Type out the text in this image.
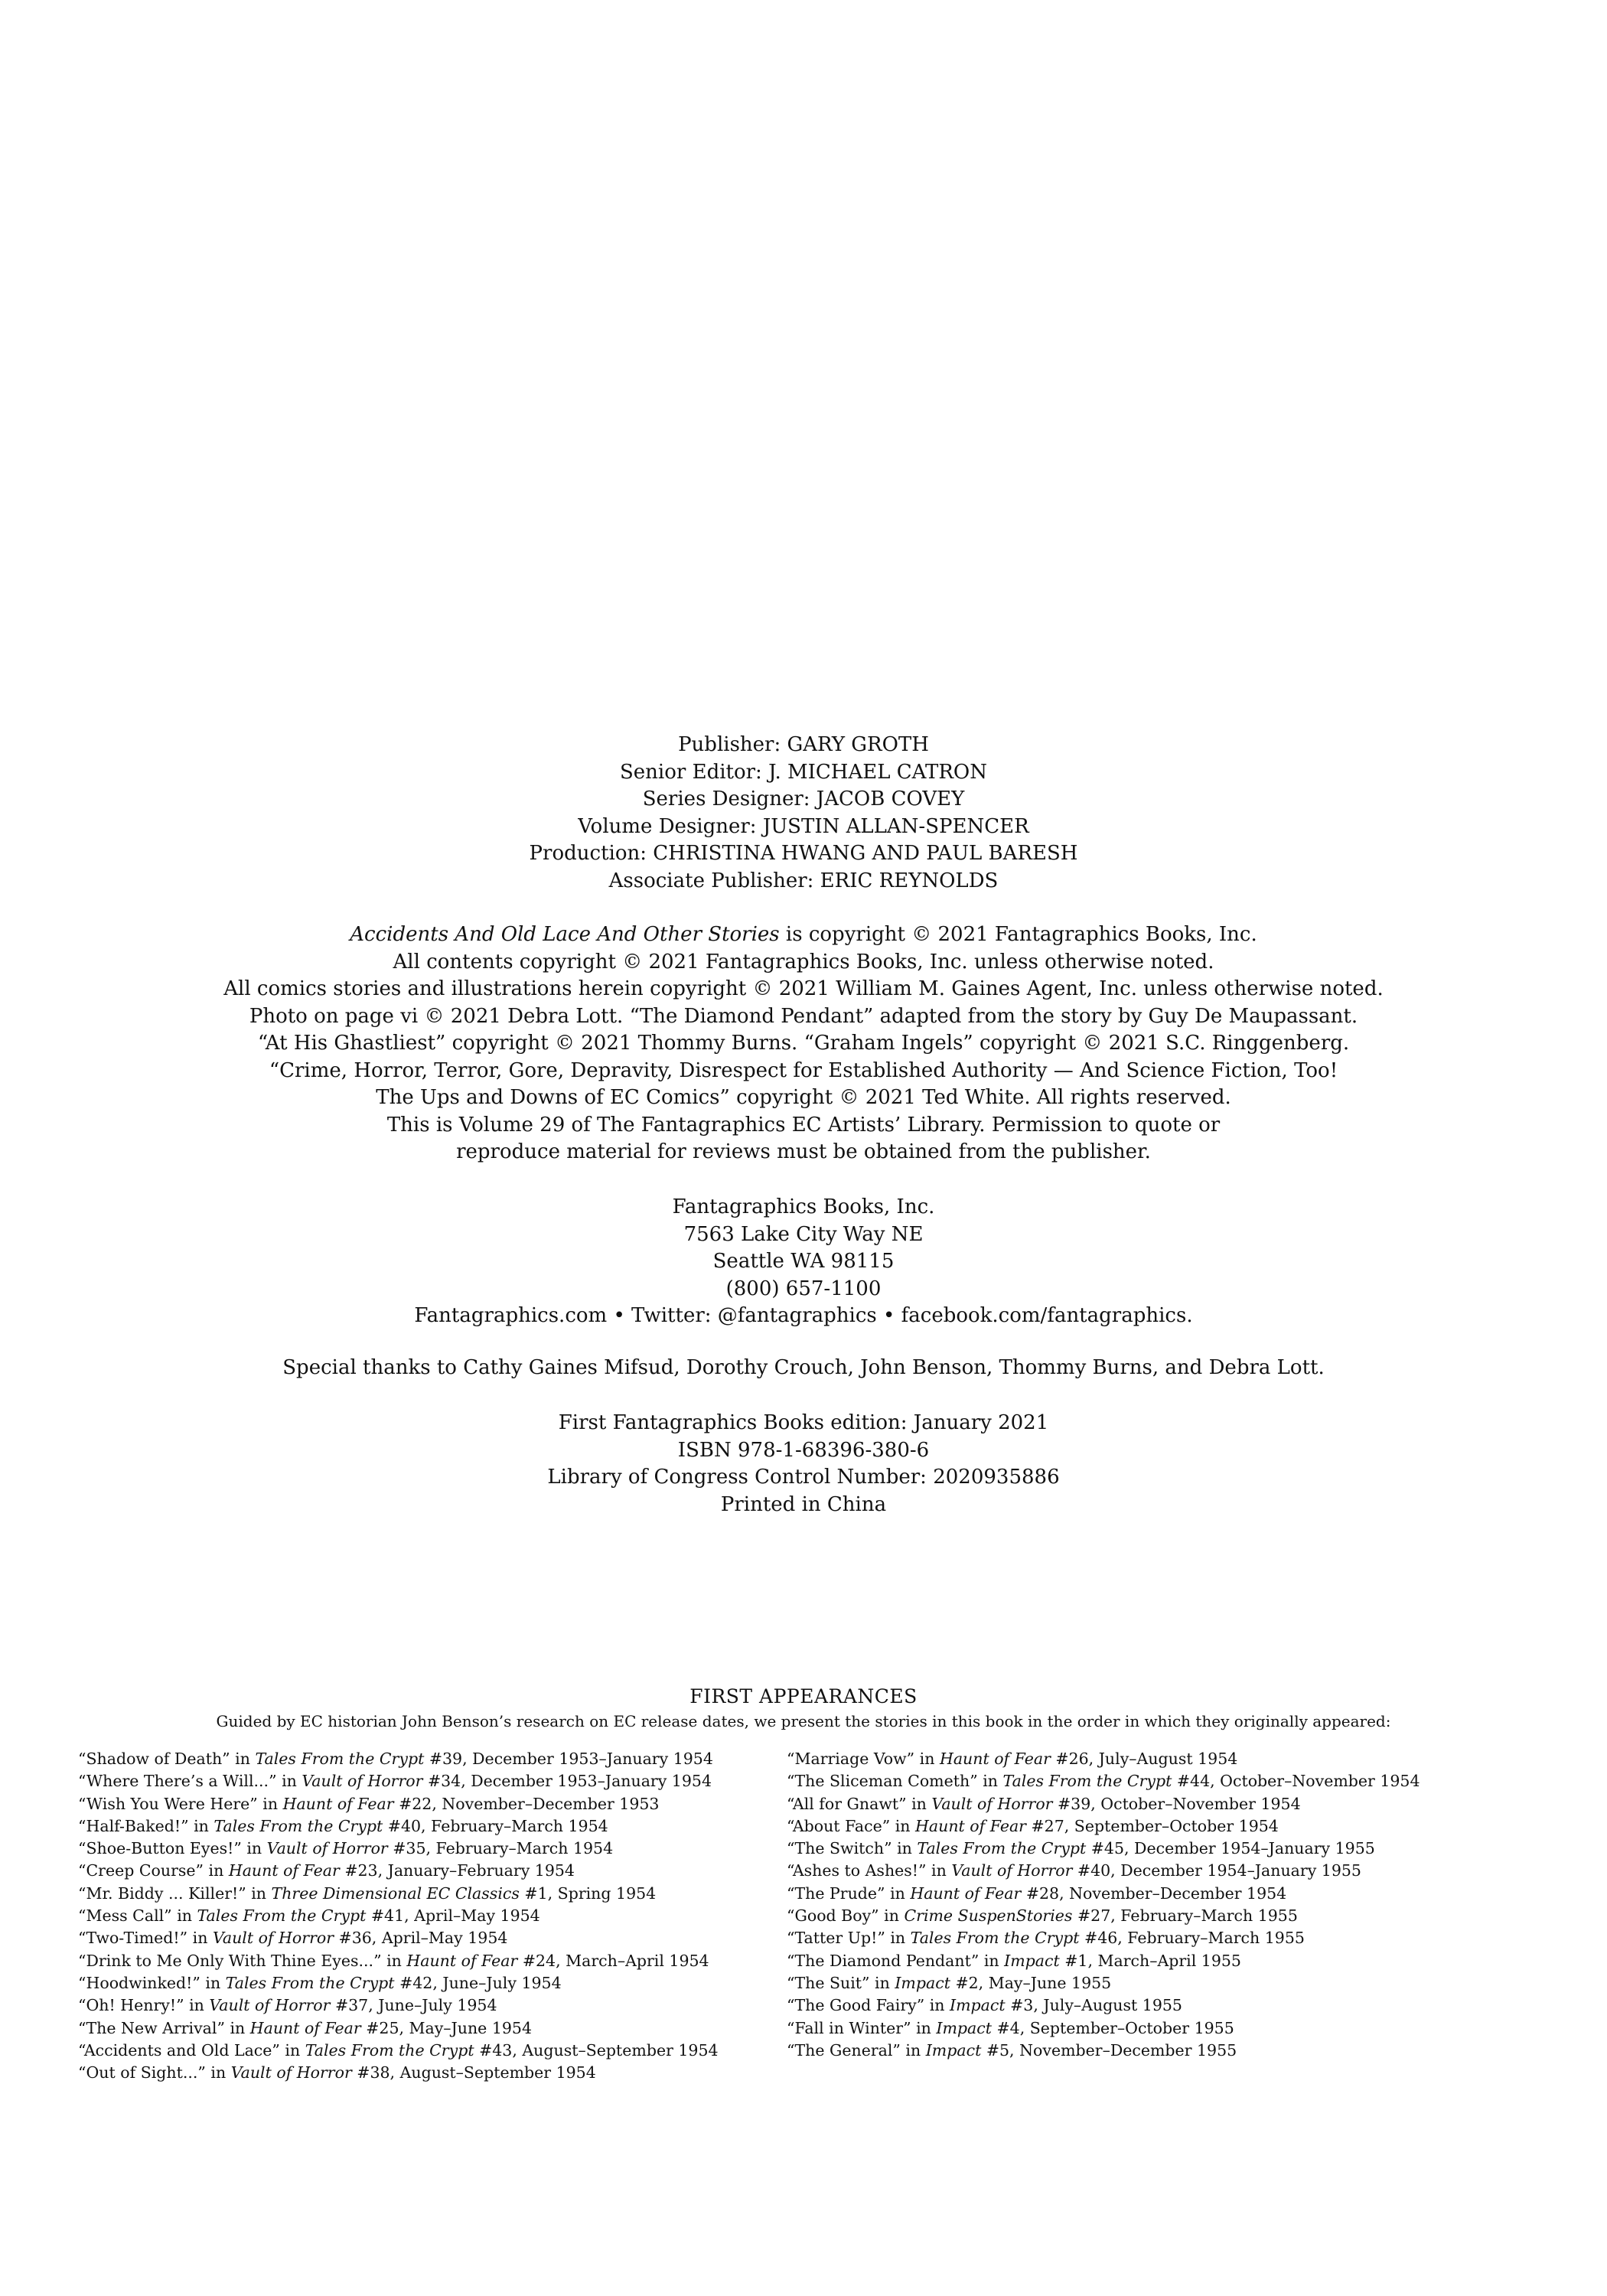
Publisher: GARY GROTH
Senior Editor: J. MICHAEL CATRON
Series Designer: JACOB COVEY
Volume Designer: JUSTIN ALLAN-SPENCER
Production: CHRISTINA HWANG AND PAUL BARESH
Associate Publisher: ERIC REYNOLDS
Accidents And Old Lace And Other Stories is copyright © 2021 Fantagraphics Books, Inc.
All contents copyright © 2021 Fantagraphics Books, Inc. unless otherwise noted.
All comics stories and illustrations herein copyright © 2021 William M. Gaines Agent, Inc. unless otherwise noted.
Photo on page vi © 2021 Debra Lott. “The Diamond Pendant” adapted from the story by Guy De Maupassant.
“At His Ghastliest” copyright © 2021 Thommy Burns. “Graham Ingels” copyright © 2021 S.C. Ringgenberg.
“Crime, Horror, Terror, Gore, Depravity, Disrespect for Established Authority — And Science Fiction, Too!
The Ups and Downs of EC Comics” copyright © 2021 Ted White. All rights reserved.
This is Volume 29 of The Fantagraphics EC Artists’ Library. Permission to quote or
reproduce material for reviews must be obtained from the publisher.
Fantagraphics Books, Inc.
7563 Lake City Way NE
Seattle WA 98115
(800) 657-1100
Fantagraphics.com • Twitter: @fantagraphics • facebook.com/fantagraphics.
Special thanks to Cathy Gaines Mifsud, Dorothy Crouch, John Benson, Thommy Burns, and Debra Lott.
First Fantagraphics Books edition: January 2021
ISBN 978-1-68396-380-6
Library of Congress Control Number: 2020935886
Printed in China
FIRST APPEARANCES
Guided by EC historian John Benson’s research on EC release dates, we present the stories in this book in the order in which they originally appeared:
“Shadow of Death” in Tales From the Crypt #39, December 1953–January 1954
“Where There’s a Will...” in Vault of Horror #34, December 1953–January 1954
“Wish You Were Here” in Haunt of Fear #22, November–December 1953
“Half-Baked!” in Tales From the Crypt #40, February–March 1954
“Shoe-Button Eyes!” in Vault of Horror #35, February–March 1954
“Creep Course” in Haunt of Fear #23, January–February 1954
“Mr. Biddy ... Killer!” in Three Dimensional EC Classics #1, Spring 1954
“Mess Call” in Tales From the Crypt #41, April–May 1954
“Two-Timed!” in Vault of Horror #36, April–May 1954
“Drink to Me Only With Thine Eyes...” in Haunt of Fear #24, March–April 1954
“Hoodwinked!” in Tales From the Crypt #42, June–July 1954
“Oh! Henry!” in Vault of Horror #37, June–July 1954
“The New Arrival” in Haunt of Fear #25, May–June 1954
“Accidents and Old Lace” in Tales From the Crypt #43, August–September 1954
“Out of Sight...” in Vault of Horror #38, August–September 1954
“Marriage Vow” in Haunt of Fear #26, July–August 1954
“The Sliceman Cometh” in Tales From the Crypt #44, October–November 1954
“All for Gnawt” in Vault of Horror #39, October–November 1954
“About Face” in Haunt of Fear #27, September–October 1954
“The Switch” in Tales From the Crypt #45, December 1954–January 1955
“Ashes to Ashes!” in Vault of Horror #40, December 1954–January 1955
“The Prude” in Haunt of Fear #28, November–December 1954
“Good Boy” in Crime SuspenStories #27, February–March 1955
“Tatter Up!” in Tales From the Crypt #46, February–March 1955
“The Diamond Pendant” in Impact #1, March–April 1955
“The Suit” in Impact #2, May–June 1955
“The Good Fairy” in Impact #3, July–August 1955
“Fall in Winter” in Impact #4, September–October 1955
“The General” in Impact #5, November–December 1955
